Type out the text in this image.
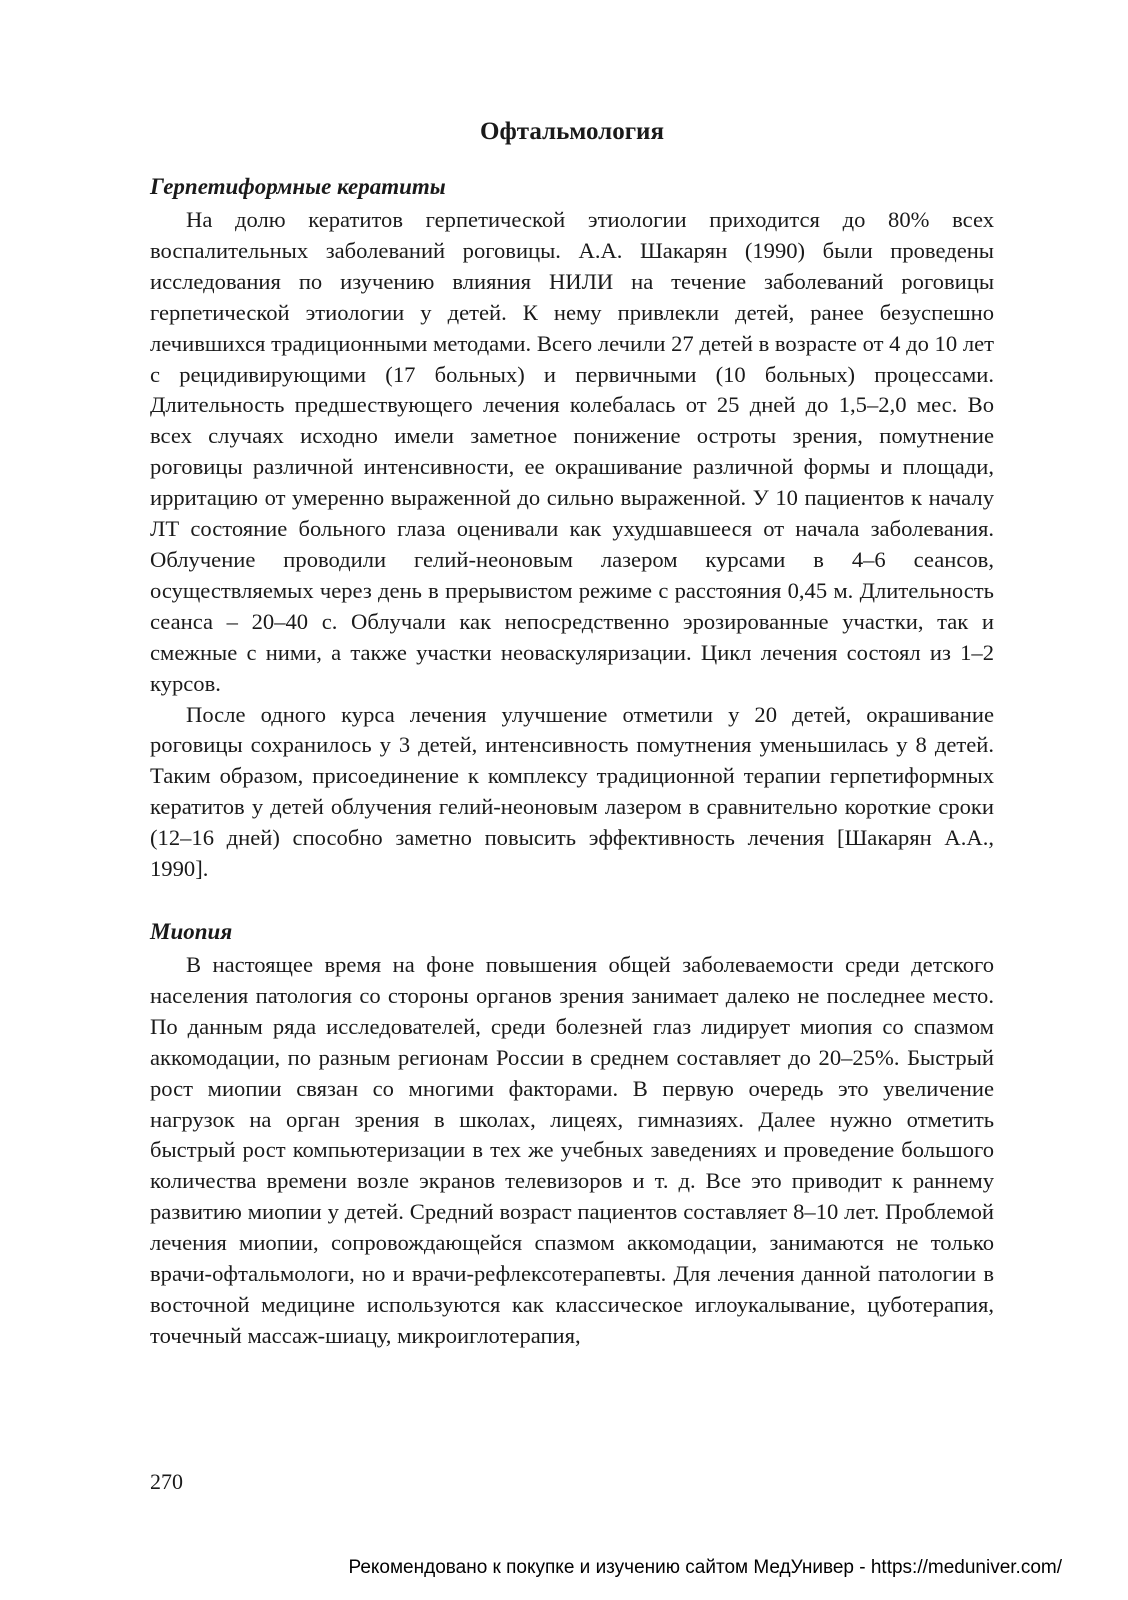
Офтальмология
Герпетиформные кератиты

На долю кератитов герпетической этиологии приходится до 80% всех воспалительных заболеваний роговицы. А.А. Шакарян (1990) были проведены исследования по изучению влияния НИЛИ на течение заболеваний роговицы герпетической этиологии у детей. К нему привлекли детей, ранее безуспешно лечившихся традиционными методами. Всего лечили 27 детей в возрасте от 4 до 10 лет с рецидивирующими (17 больных) и первичными (10 больных) процессами. Длительность предшествующего лечения колебалась от 25 дней до 1,5–2,0 мес. Во всех случаях исходно имели заметное понижение остроты зрения, помутнение роговицы различной интенсивности, ее окрашивание различной формы и площади, ирритацию от умеренно выраженной до сильно выраженной. У 10 пациентов к началу ЛТ состояние больного глаза оценивали как ухудшавшееся от начала заболевания. Облучение проводили гелий-неоновым лазером курсами в 4–6 сеансов, осуществляемых через день в прерывистом режиме с расстояния 0,45 м. Длительность сеанса – 20–40 с. Облучали как непосредственно эрозированные участки, так и смежные с ними, а также участки неоваскуляризации. Цикл лечения состоял из 1–2 курсов.

После одного курса лечения улучшение отметили у 20 детей, окрашивание роговицы сохранилось у 3 детей, интенсивность помутнения уменьшилась у 8 детей. Таким образом, присоединение к комплексу традиционной терапии герпетиформных кератитов у детей облучения гелий-неоновым лазером в сравнительно короткие сроки (12–16 дней) способно заметно повысить эффективность лечения [Шакарян А.А., 1990].

Миопия

В настоящее время на фоне повышения общей заболеваемости среди детского населения патология со стороны органов зрения занимает далеко не последнее место. По данным ряда исследователей, среди болезней глаз лидирует миопия со спазмом аккомодации, по разным регионам России в среднем составляет до 20–25%. Быстрый рост миопии связан со многими факторами. В первую очередь это увеличение нагрузок на орган зрения в школах, лицеях, гимназиях. Далее нужно отметить быстрый рост компьютеризации в тех же учебных заведениях и проведение большого количества времени возле экранов телевизоров и т. д. Все это приводит к раннему развитию миопии у детей. Средний возраст пациентов составляет 8–10 лет. Проблемой лечения миопии, сопровождающейся спазмом аккомодации, занимаются не только врачи-офтальмологи, но и врачи-рефлексотерапевты. Для лечения данной патологии в восточной медицине используются как классическое иглоукалывание, цуботерапия, точечный массаж-шиацу, микроиглотерапия,

270

Рекомендовано к покупке и изучению сайтом МедУнивер - https://meduniver.com/
